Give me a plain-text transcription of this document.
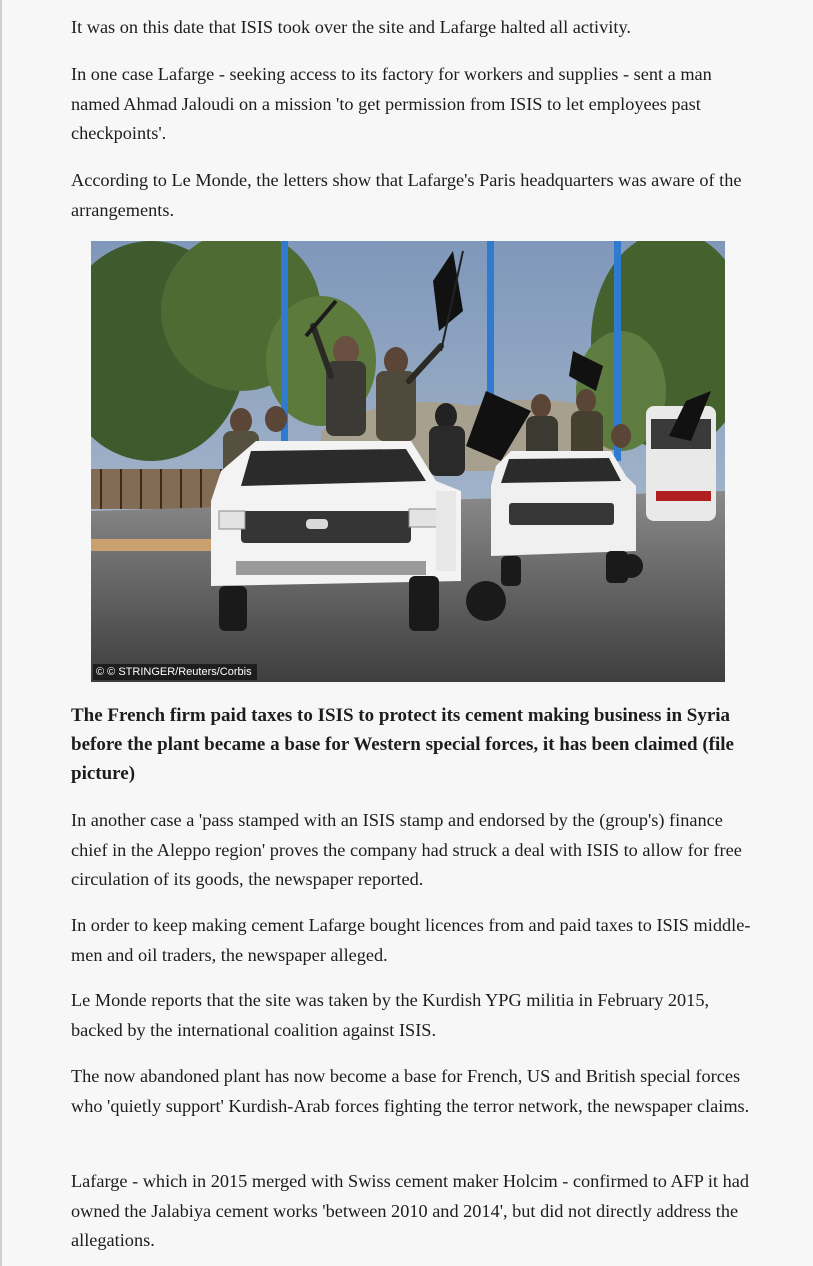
It was on this date that ISIS took over the site and Lafarge halted all activity.

In one case Lafarge - seeking access to its factory for workers and supplies - sent a man named Ahmad Jaloudi on a mission 'to get permission from ISIS to let employees past checkpoints'.

According to Le Monde, the letters show that Lafarge's Paris headquarters was aware of the arrangements.

© © STRINGER/Reuters/Corbis

The French firm paid taxes to ISIS to protect its cement making business in Syria before the plant became a base for Western special forces, it has been claimed (file picture)

In another case a 'pass stamped with an ISIS stamp and endorsed by the (group's) finance chief in the Aleppo region' proves the company had struck a deal with ISIS to allow for free circulation of its goods, the newspaper reported.

In order to keep making cement Lafarge bought licences from and paid taxes to ISIS middle-men and oil traders, the newspaper alleged.

Le Monde reports that the site was taken by the Kurdish YPG militia in February 2015, backed by the international coalition against ISIS.

The now abandoned plant has now become a base for French, US and British special forces who 'quietly support' Kurdish-Arab forces fighting the terror network, the newspaper claims.

Lafarge - which in 2015 merged with Swiss cement maker Holcim - confirmed to AFP it had owned the Jalabiya cement works 'between 2010 and 2014', but did not directly address the allegations.
